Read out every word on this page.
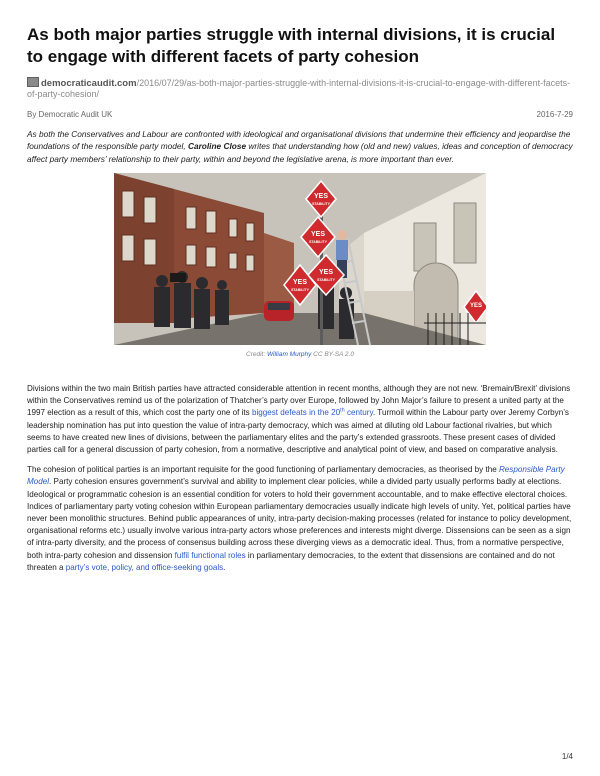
As both major parties struggle with internal divisions, it is crucial to engage with different facets of party cohesion
democraticaudit.com/2016/07/29/as-both-major-parties-struggle-with-internal-divisions-it-is-crucial-to-engage-with-different-facets-of-party-cohesion/
By Democratic Audit UK	2016-7-29

As both the Conservatives and Labour are confronted with ideological and organisational divisions that undermine their efficiency and jeopardise the foundations of the responsible party model, Caroline Close writes that understanding how (old and new) values, ideas and conception of democracy affect party members’ relationship to their party, within and beyond the legislative arena, is more important than ever.

YES
STABILITY
YES
STABILITY
YES
STABILITY
YES
STABILITY
YES
Credit: William Murphy CC BY-SA 2.0

Divisions within the two main British parties have attracted considerable attention in recent months, although they are not new. ‘Bremain/Brexit’ divisions within the Conservatives remind us of the polarization of Thatcher’s party over Europe, followed by John Major’s failure to present a united party at the 1997 election as a result of this, which cost the party one of its biggest defeats in the 20th century. Turmoil within the Labour party over Jeremy Corbyn’s leadership nomination has put into question the value of intra-party democracy, which was aimed at diluting old Labour factional rivalries, but which seems to have created new lines of divisions, between the parliamentary elites and the party’s extended grassroots. These present cases of divided parties call for a general discussion of party cohesion, from a normative, descriptive and analytical point of view, and based on comparative analysis.

The cohesion of political parties is an important requisite for the good functioning of parliamentary democracies, as theorised by the Responsible Party Model. Party cohesion ensures government’s survival and ability to implement clear policies, while a divided party usually performs badly at elections. Ideological or programmatic cohesion is an essential condition for voters to hold their government accountable, and to make effective electoral choices. Indices of parliamentary party voting cohesion within European parliamentary democracies usually indicate high levels of unity. Yet, political parties have never been monolithic structures. Behind public appearances of unity, intra-party decision-making processes (related for instance to policy development, organisational reforms etc.) usually involve various intra-party actors whose preferences and interests might diverge. Dissensions can be seen as a sign of intra-party diversity, and the process of consensus building across these diverging views as a democratic ideal. Thus, from a normative perspective, both intra-party cohesion and dissension fulfil functional roles in parliamentary democracies, to the extent that dissensions are contained and do not threaten a party’s vote, policy, and office-seeking goals.

1/4
